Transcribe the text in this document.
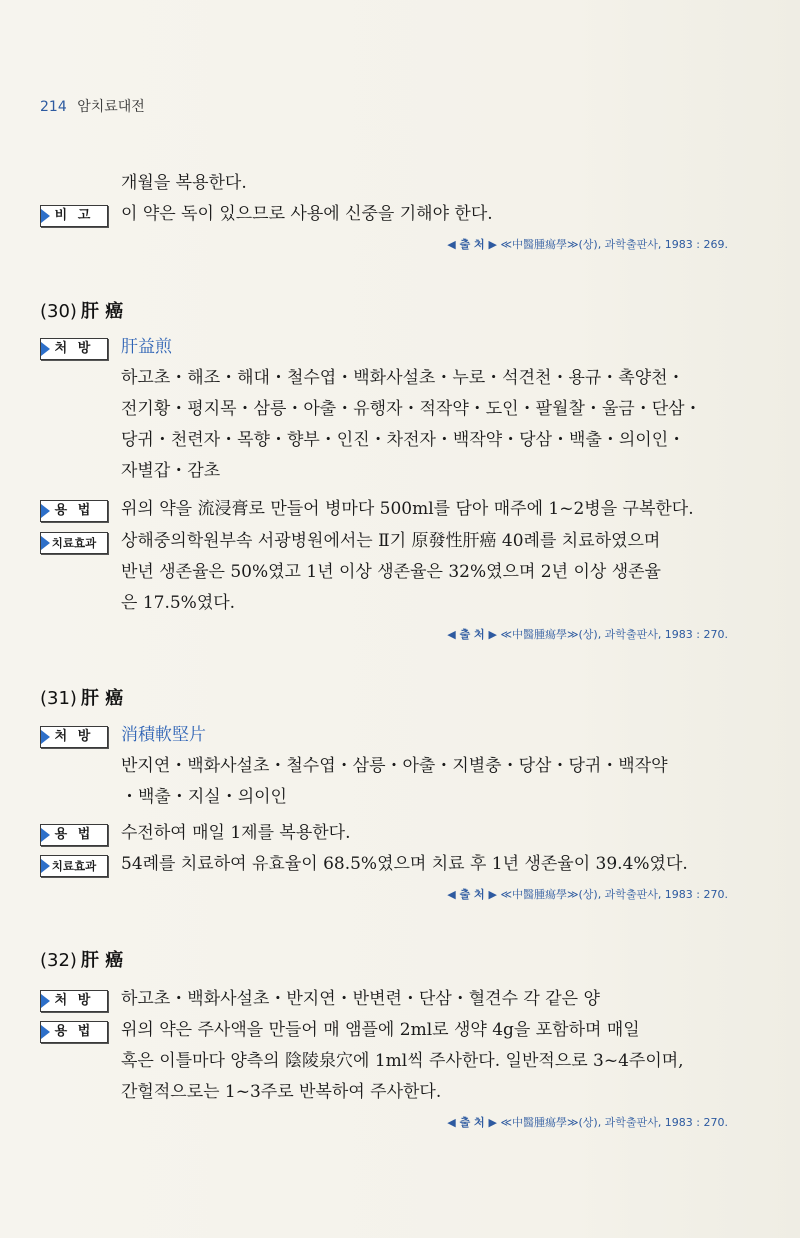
214 암치료대전
개월을 복용한다.
비 고	이 약은 독이 있으므로 사용에 신중을 기해야 한다.
◀ 출 처 ▶ ≪中醫腫瘍學≫(상), 과학출판사, 1983 : 269.
(30) 肝 癌
처 방	肝益煎
하고초・해조・해대・철수엽・백화사설초・누로・석견천・용규・촉양천・
전기황・평지목・삼릉・아출・유행자・적작약・도인・팔월찰・울금・단삼・
당귀・천련자・목향・향부・인진・차전자・백작약・당삼・백출・의이인・
자별갑・감초
용 법	위의 약을 流浸膏로 만들어 병마다 500ml를 담아 매주에 1~2병을 구복한다.
치료효과	상해중의학원부속 서광병원에서는 Ⅱ기 原發性肝癌 40례를 치료하였으며
반년 생존율은 50%였고 1년 이상 생존율은 32%였으며 2년 이상 생존율
은 17.5%였다.
◀ 출 처 ▶ ≪中醫腫瘍學≫(상), 과학출판사, 1983 : 270.
(31) 肝 癌
처 방	消積軟堅片
반지연・백화사설초・철수엽・삼릉・아출・지별충・당삼・당귀・백작약
・백출・지실・의이인
용 법	수전하여 매일 1제를 복용한다.
치료효과	54례를 치료하여 유효율이 68.5%였으며 치료 후 1년 생존율이 39.4%였다.
◀ 출 처 ▶ ≪中醫腫瘍學≫(상), 과학출판사, 1983 : 270.
(32) 肝 癌
처 방	하고초・백화사설초・반지연・반변련・단삼・혈견수 각 같은 양
용 법	위의 약은 주사액을 만들어 매 앰플에 2ml로 생약 4g을 포함하며 매일
혹은 이틀마다 양측의 陰陵泉穴에 1ml씩 주사한다. 일반적으로 3~4주이며,
간헐적으로는 1~3주로 반복하여 주사한다.
◀ 출 처 ▶ ≪中醫腫瘍學≫(상), 과학출판사, 1983 : 270.
